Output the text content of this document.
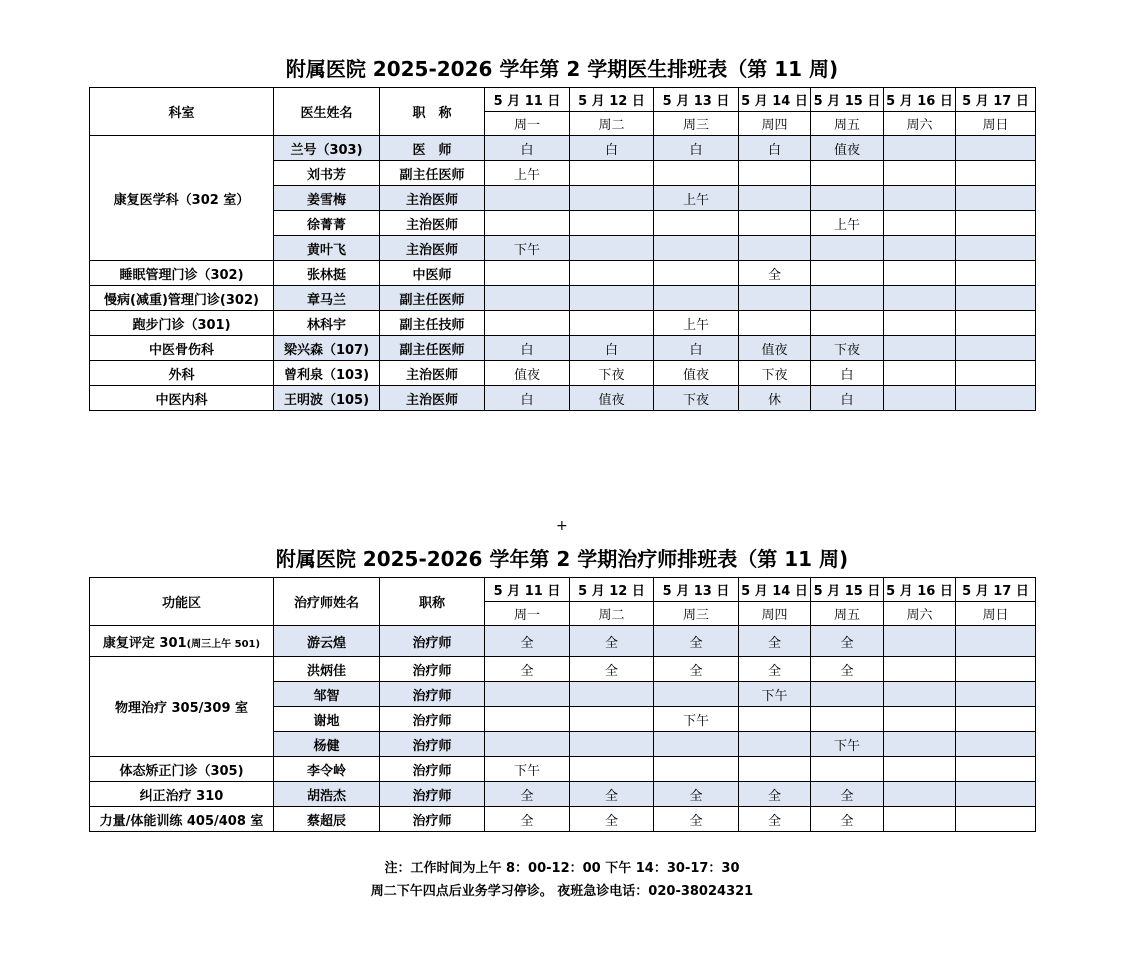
附属医院 2025-2026 学年第 2 学期医生排班表（第 11 周)
科室	医生姓名	职　称	5 月 11 日	5 月 12 日	5 月 13 日	5 月 14 日	5 月 15 日	5 月 16 日	5 月 17 日
			周一	周二	周三	周四	周五	周六	周日
康复医学科（302 室）	兰号（303)	医　师	白	白	白	白	值夜		
	刘书芳	副主任医师	上午						
	姜雪梅	主治医师			上午				
	徐菁菁	主治医师					上午		
	黄叶飞	主治医师	下午						
睡眠管理门诊（302)	张林挺	中医师				全			
慢病(减重)管理门诊(302)	章马兰	副主任医师							
跑步门诊（301)	林科宇	副主任技师			上午				
中医骨伤科	梁兴森（107)	副主任医师	白	白	白	值夜	下夜		
外科	曾利泉（103)	主治医师	值夜	下夜	值夜	下夜	白		
中医内科	王明波（105)	主治医师	白	值夜	下夜	休	白		
+
附属医院 2025-2026 学年第 2 学期治疗师排班表（第 11 周)
功能区	治疗师姓名	职称	5 月 11 日	5 月 12 日	5 月 13 日	5 月 14 日	5 月 15 日	5 月 16 日	5 月 17 日
			周一	周二	周三	周四	周五	周六	周日
康复评定 301(周三上午 501)	游云煌	治疗师	全	全	全	全	全		
物理治疗 305/309 室	洪炳佳	治疗师	全	全	全	全	全		
	邹智	治疗师				下午			
	谢地	治疗师			下午				
	杨健	治疗师					下午		
体态矫正门诊（305)	李令岭	治疗师	下午						
纠正治疗 310	胡浩杰	治疗师	全	全	全	全	全		
力量/体能训练 405/408 室	蔡超辰	治疗师	全	全	全	全	全		
注：工作时间为上午 8：00-12：00 下午 14：30-17：30
周二下午四点后业务学习停诊。 夜班急诊电话：020-38024321
